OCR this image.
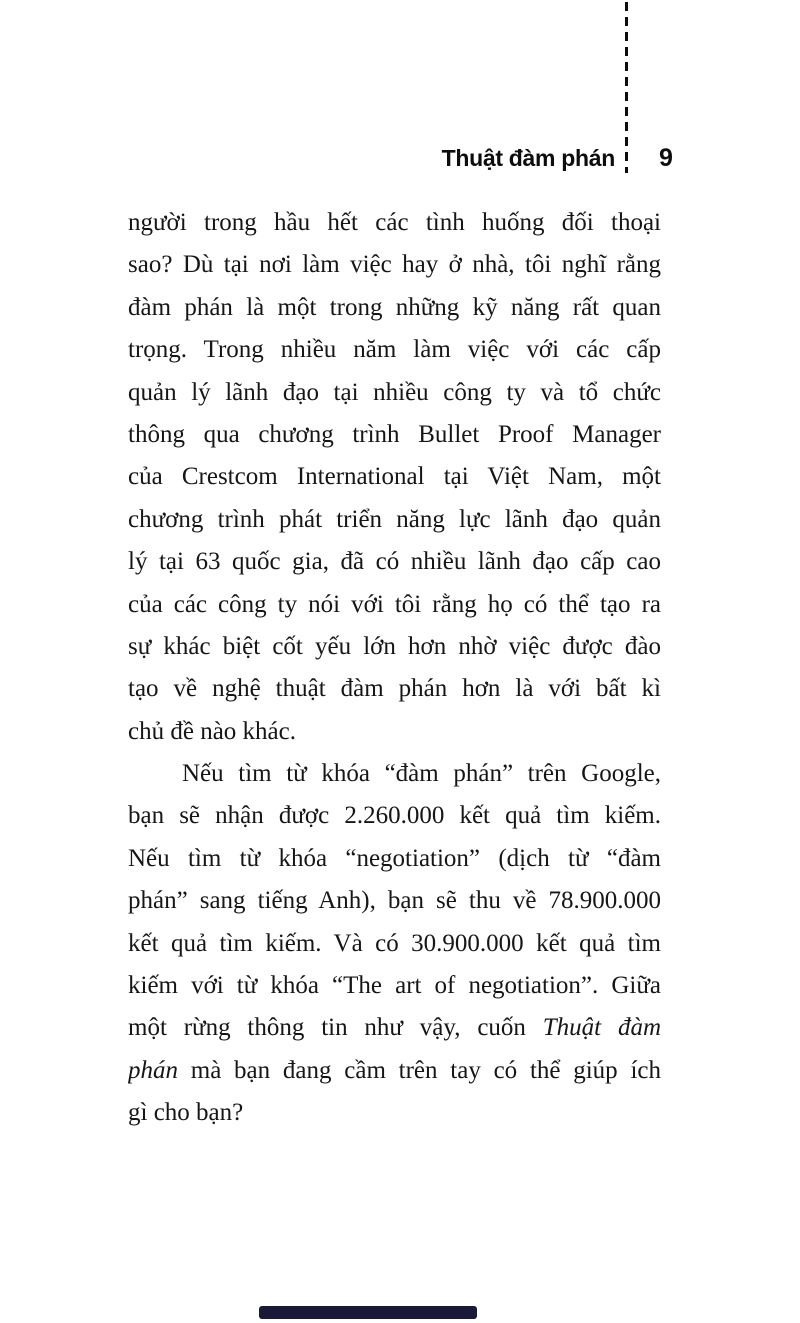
Thuật đàm phán 9
người trong hầu hết các tình huống đối thoại
sao? Dù tại nơi làm việc hay ở nhà, tôi nghĩ rằng
đàm phán là một trong những kỹ năng rất quan
trọng. Trong nhiều năm làm việc với các cấp
quản lý lãnh đạo tại nhiều công ty và tổ chức
thông qua chương trình Bullet Proof Manager
của Crestcom International tại Việt Nam, một
chương trình phát triển năng lực lãnh đạo quản
lý tại 63 quốc gia, đã có nhiều lãnh đạo cấp cao
của các công ty nói với tôi rằng họ có thể tạo ra
sự khác biệt cốt yếu lớn hơn nhờ việc được đào
tạo về nghệ thuật đàm phán hơn là với bất kì
chủ đề nào khác.
Nếu tìm từ khóa “đàm phán” trên Google,
bạn sẽ nhận được 2.260.000 kết quả tìm kiếm.
Nếu tìm từ khóa “negotiation” (dịch từ “đàm
phán” sang tiếng Anh), bạn sẽ thu về 78.900.000
kết quả tìm kiếm. Và có 30.900.000 kết quả tìm
kiếm với từ khóa “The art of negotiation”. Giữa
một rừng thông tin như vậy, cuốn Thuật đàm
phán mà bạn đang cầm trên tay có thể giúp ích
gì cho bạn?
